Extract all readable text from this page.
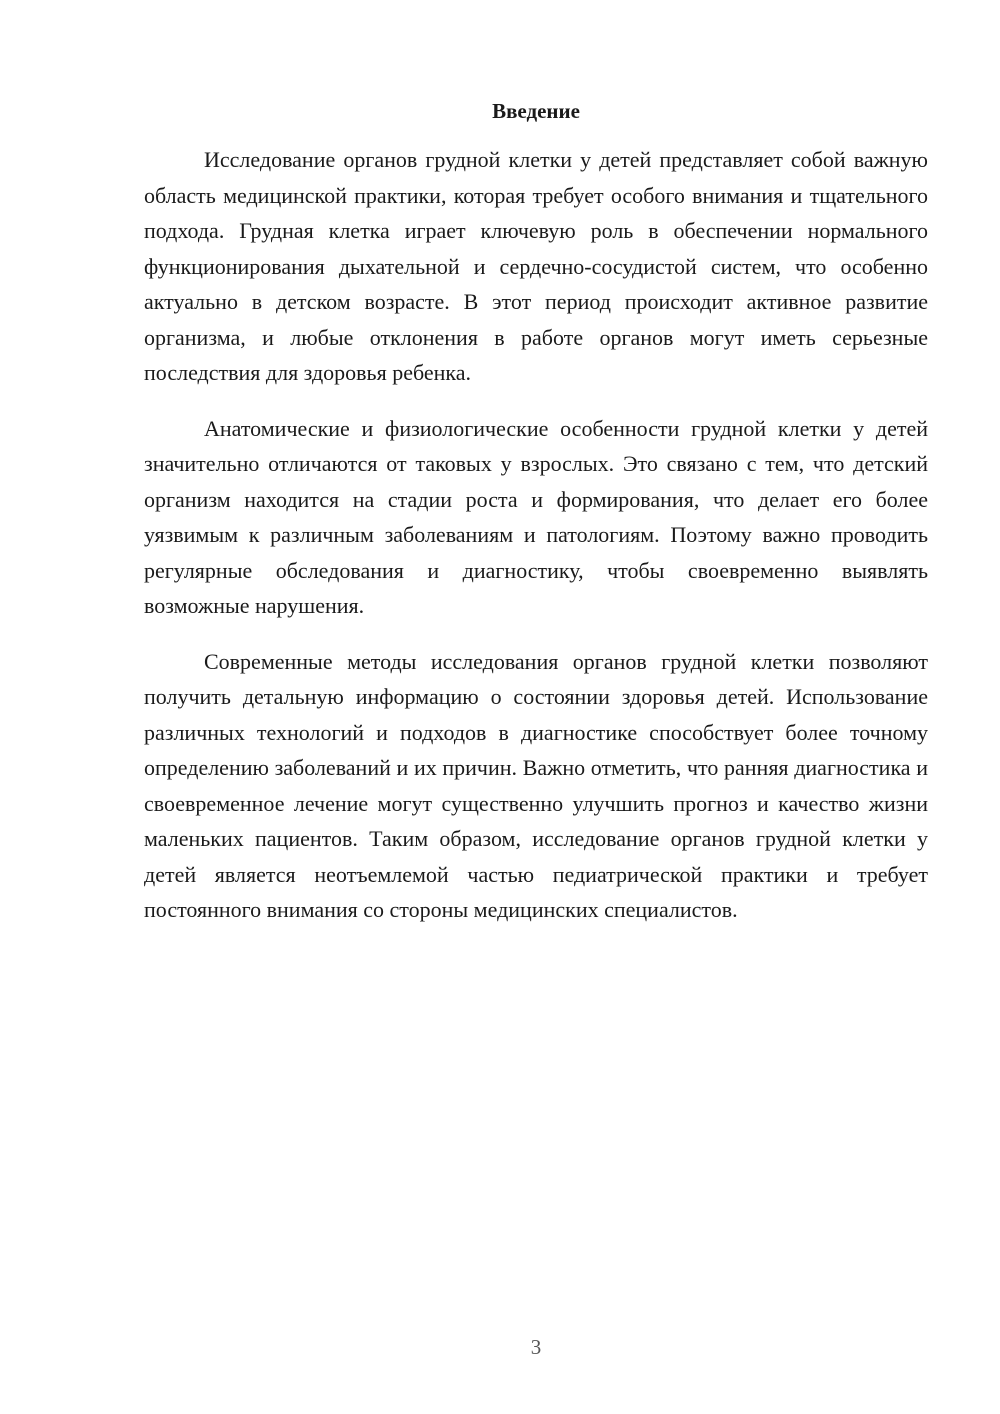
Введение

Исследование органов грудной клетки у детей представляет собой важную область медицинской практики, которая требует особого внимания и тщательного подхода. Грудная клетка играет ключевую роль в обеспечении нормального функционирования дыхательной и сердечно-сосудистой систем, что особенно актуально в детском возрасте. В этот период происходит активное развитие организма, и любые отклонения в работе органов могут иметь серьезные последствия для здоровья ребенка.

Анатомические и физиологические особенности грудной клетки у детей значительно отличаются от таковых у взрослых. Это связано с тем, что детский организм находится на стадии роста и формирования, что делает его более уязвимым к различным заболеваниям и патологиям. Поэтому важно проводить регулярные обследования и диагностику, чтобы своевременно выявлять возможные нарушения.

Современные методы исследования органов грудной клетки позволяют получить детальную информацию о состоянии здоровья детей. Использование различных технологий и подходов в диагностике способствует более точному определению заболеваний и их причин. Важно отметить, что ранняя диагностика и своевременное лечение могут существенно улучшить прогноз и качество жизни маленьких пациентов. Таким образом, исследование органов грудной клетки у детей является неотъемлемой частью педиатрической практики и требует постоянного внимания со стороны медицинских специалистов.

3
